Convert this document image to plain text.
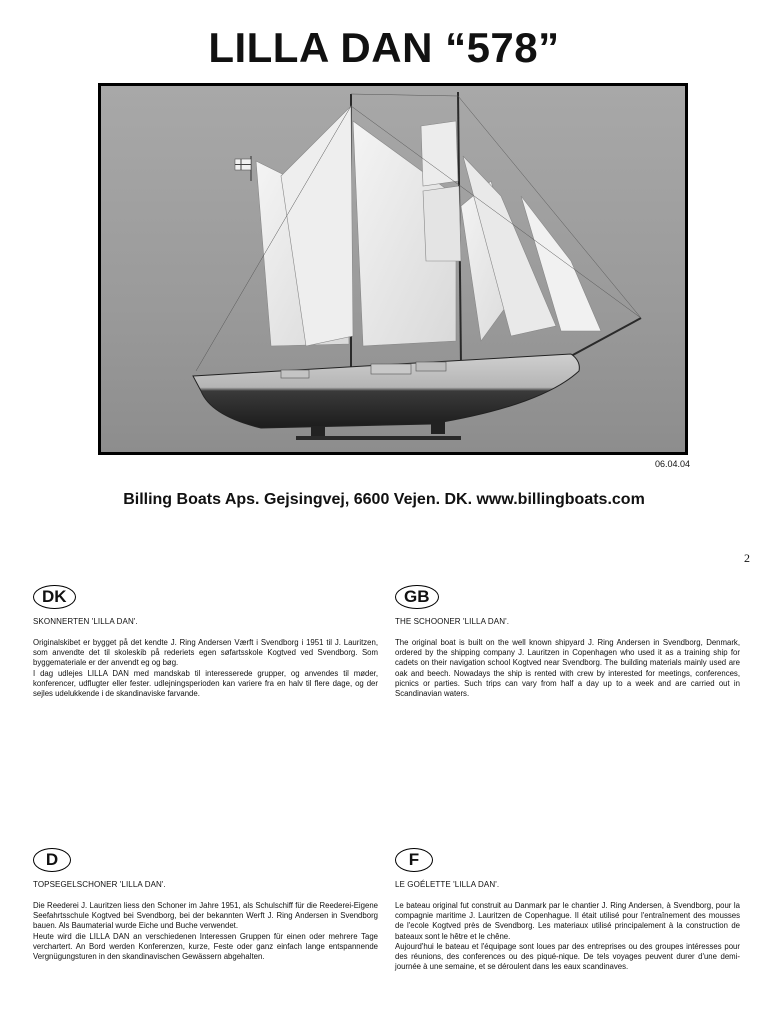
LILLA DAN “578”
06.04.04
Billing Boats Aps. Gejsingvej, 6600 Vejen. DK. www.billingboats.com
2
DK
SKONNERTEN 'LILLA DAN'.
Originalskibet er bygget på det kendte J. Ring Andersen Værft i Svendborg i 1951 til J. Lauritzen, som anvendte det til skoleskib på rederiets egen søfartsskole Kogtved ved Svendborg. Som byggemateriale er der anvendt eg og bøg.
I dag udlejes LILLA DAN med mandskab til interesserede grupper, og anvendes til møder, konferencer, udflugter eller fester. udlejningsperioden kan variere fra en halv til flere dage, og der sejles udelukkende i de skandinaviske farvande.
GB
THE SCHOONER 'LILLA DAN'.
The original boat is built on the well known shipyard J. Ring Andersen in Svendborg, Denmark, ordered by the shipping company J. Lauritzen in Copenhagen who used it as a training ship for cadets on their navigation school Kogtved near Svendborg. The building materials mainly used are oak and beech. Nowadays the ship is rented with crew by interested for meetings, conferences, picnics or parties. Such trips can vary from half a day up to a week and are carried out in Scandinavian waters.
D
TOPSEGELSCHONER 'LILLA DAN'.
Die Reederei J. Lauritzen liess den Schoner im Jahre 1951, als Schulschiff für die Reederei-Eigene Seefahrtsschule Kogtved bei Svendborg, bei der bekannten Werft J. Ring Andersen in Svendborg bauen. Als Baumaterial wurde Eiche und Buche verwendet.
Heute wird die LILLA DAN an verschiedenen Interessen Gruppen für einen oder mehrere Tage verchartert. An Bord werden Konferenzen, kurze, Feste oder ganz einfach lange entspannende Vergnügungsturen in den skandinavischen Gewässern abgehalten.
F
LE GOÉLETTE 'LILLA DAN'.
Le bateau original fut construit au Danmark par le chantier J. Ring Andersen, à Svendborg, pour la compagnie maritime J. Lauritzen de Copenhague. Il était utilisé pour l'entraînement des mousses de l'ecole Kogtved près de Svendborg. Les materiaux utilisé principalement à la construction de bateaux sont le hêtre et le chêne.
Aujourd'hui le bateau et l'équipage sont loues par des entreprises ou des groupes intéresses pour des réunions, des conferences ou des piqué-nique. De tels voyages peuvent durer d'une demi-journée à une semaine, et se déroulent dans les eaux scandinaves.
